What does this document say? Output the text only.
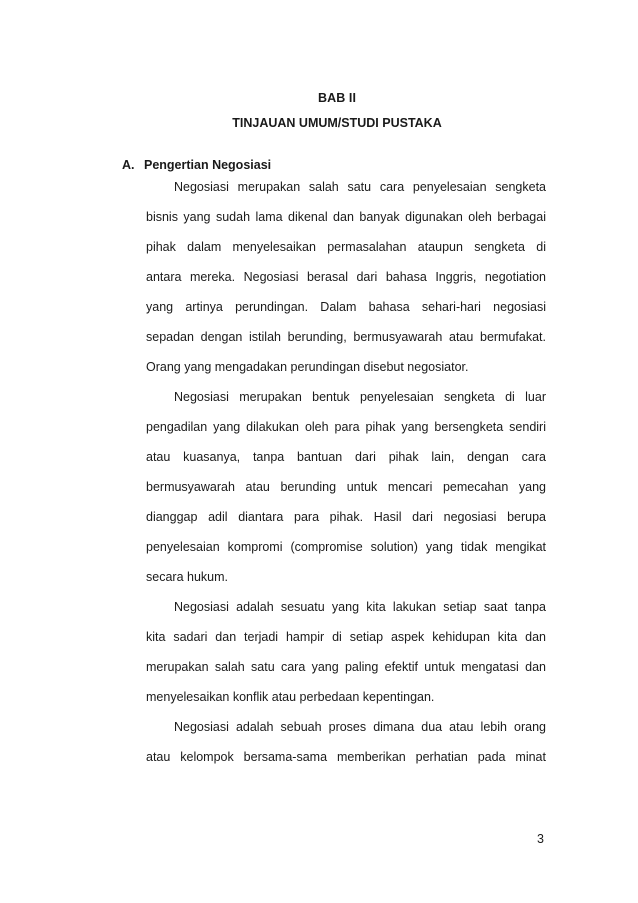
BAB II
TINJAUAN UMUM/STUDI PUSTAKA
A. Pengertian Negosiasi
Negosiasi merupakan salah satu cara penyelesaian sengketa
bisnis yang sudah lama dikenal dan banyak digunakan oleh berbagai
pihak dalam menyelesaikan permasalahan ataupun sengketa di
antara mereka. Negosiasi berasal dari bahasa Inggris, negotiation
yang artinya perundingan. Dalam bahasa sehari-hari negosiasi
sepadan dengan istilah berunding, bermusyawarah atau bermufakat.
Orang yang mengadakan perundingan disebut negosiator.
Negosiasi merupakan bentuk penyelesaian sengketa di luar
pengadilan yang dilakukan oleh para pihak yang bersengketa sendiri
atau kuasanya, tanpa bantuan dari pihak lain, dengan cara
bermusyawarah atau berunding untuk mencari pemecahan yang
dianggap adil diantara para pihak. Hasil dari negosiasi berupa
penyelesaian kompromi (compromise solution) yang tidak mengikat
secara hukum.
Negosiasi adalah sesuatu yang kita lakukan setiap saat tanpa
kita sadari dan terjadi hampir di setiap aspek kehidupan kita dan
merupakan salah satu cara yang paling efektif untuk mengatasi dan
menyelesaikan konflik atau perbedaan kepentingan.
Negosiasi adalah sebuah proses dimana dua atau lebih orang
atau kelompok bersama-sama memberikan perhatian pada minat
3
